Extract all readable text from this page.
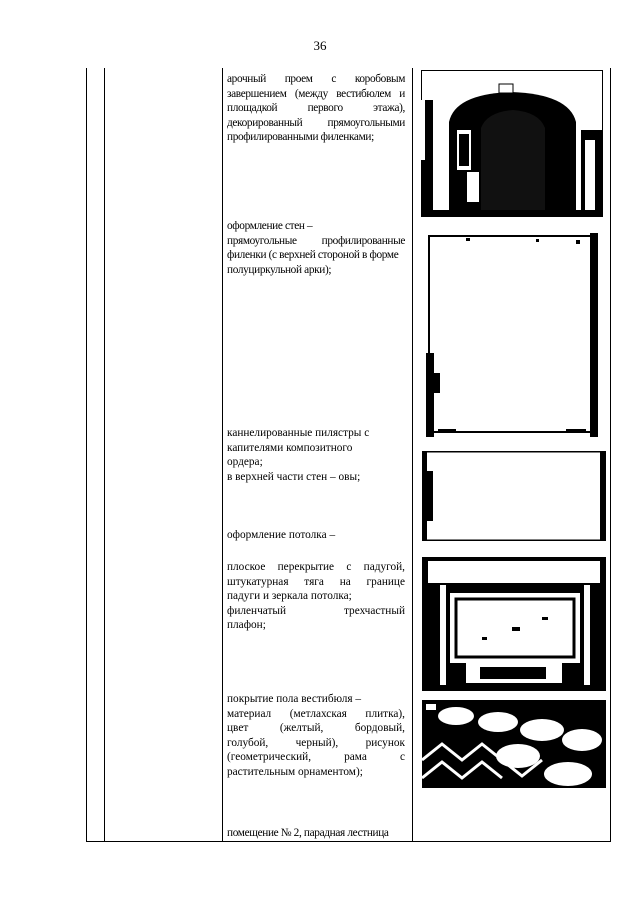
36

арочный проем с коробовым

завершением (между вестибюлем и

площадкой первого этажа),

декорированный прямоугольными

профилированными филенками;

оформление стен –

прямоугольные профилированные

филенки (с верхней стороной в форме

полуциркульной арки);

каннелированные пилястры с

капителями композитного

ордера;

в верхней части стен – овы;

оформление потолка –

плоское перекрытие с падугой,

штукатурная тяга на границе

падуги и зеркала потолка;

филенчатый трехчастный

плафон;

покрытие пола вестибюля –

материал (метлахская плитка),

цвет (желтый, бордовый,

голубой, черный), рисунок

(геометрический, рама с

растительным орнаментом);

помещение № 2, парадная лестница
